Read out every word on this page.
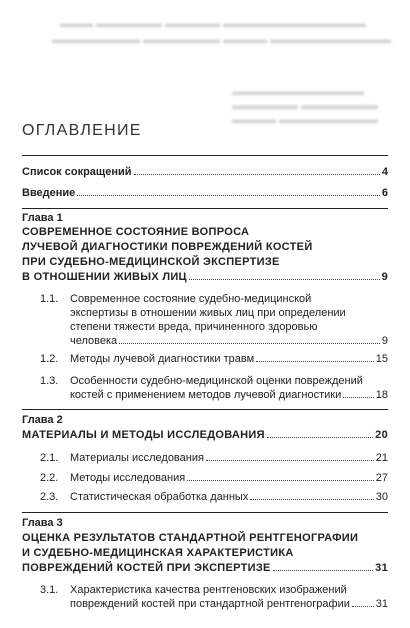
▬▬▬ ▬▬▬▬▬▬ ▬▬▬▬▬ ▬▬▬▬▬▬▬▬▬▬▬▬▬
▬▬▬▬▬▬▬▬ ▬▬▬▬▬▬▬ ▬▬▬▬ ▬▬▬▬▬▬▬▬▬▬▬
▬▬▬▬▬▬▬▬▬▬▬▬
▬▬▬▬▬▬ ▬▬▬▬▬▬▬
▬▬▬▬ ▬▬▬▬▬▬▬▬▬
ОГЛАВЛЕНИЕ
Список сокращений	4
Введение	6
Глава 1
СОВРЕМЕННОЕ СОСТОЯНИЕ ВОПРОСА
ЛУЧЕВОЙ ДИАГНОСТИКИ ПОВРЕЖДЕНИЙ КОСТЕЙ
ПРИ СУДЕБНО-МЕДИЦИНСКОЙ ЭКСПЕРТИЗЕ
В ОТНОШЕНИИ ЖИВЫХ ЛИЦ	9
1.1. Современное состояние судебно-медицинской
экспертизы в отношении живых лиц при определении
степени тяжести вреда, причиненного здоровью
человека	9
1.2. Методы лучевой диагностики травм	15
1.3. Особенности судебно-медицинской оценки повреждений
костей с применением методов лучевой диагностики	18
Глава 2
МАТЕРИАЛЫ И МЕТОДЫ ИССЛЕДОВАНИЯ	20
2.1. Материалы исследования	21
2.2. Методы исследования	27
2.3. Статистическая обработка данных	30
Глава 3
ОЦЕНКА РЕЗУЛЬТАТОВ СТАНДАРТНОЙ РЕНТГЕНОГРАФИИ
И СУДЕБНО-МЕДИЦИНСКАЯ ХАРАКТЕРИСТИКА
ПОВРЕЖДЕНИЙ КОСТЕЙ ПРИ ЭКСПЕРТИЗЕ	31
3.1. Характеристика качества рентгеновских изображений
повреждений костей при стандартной рентгенографии 31
